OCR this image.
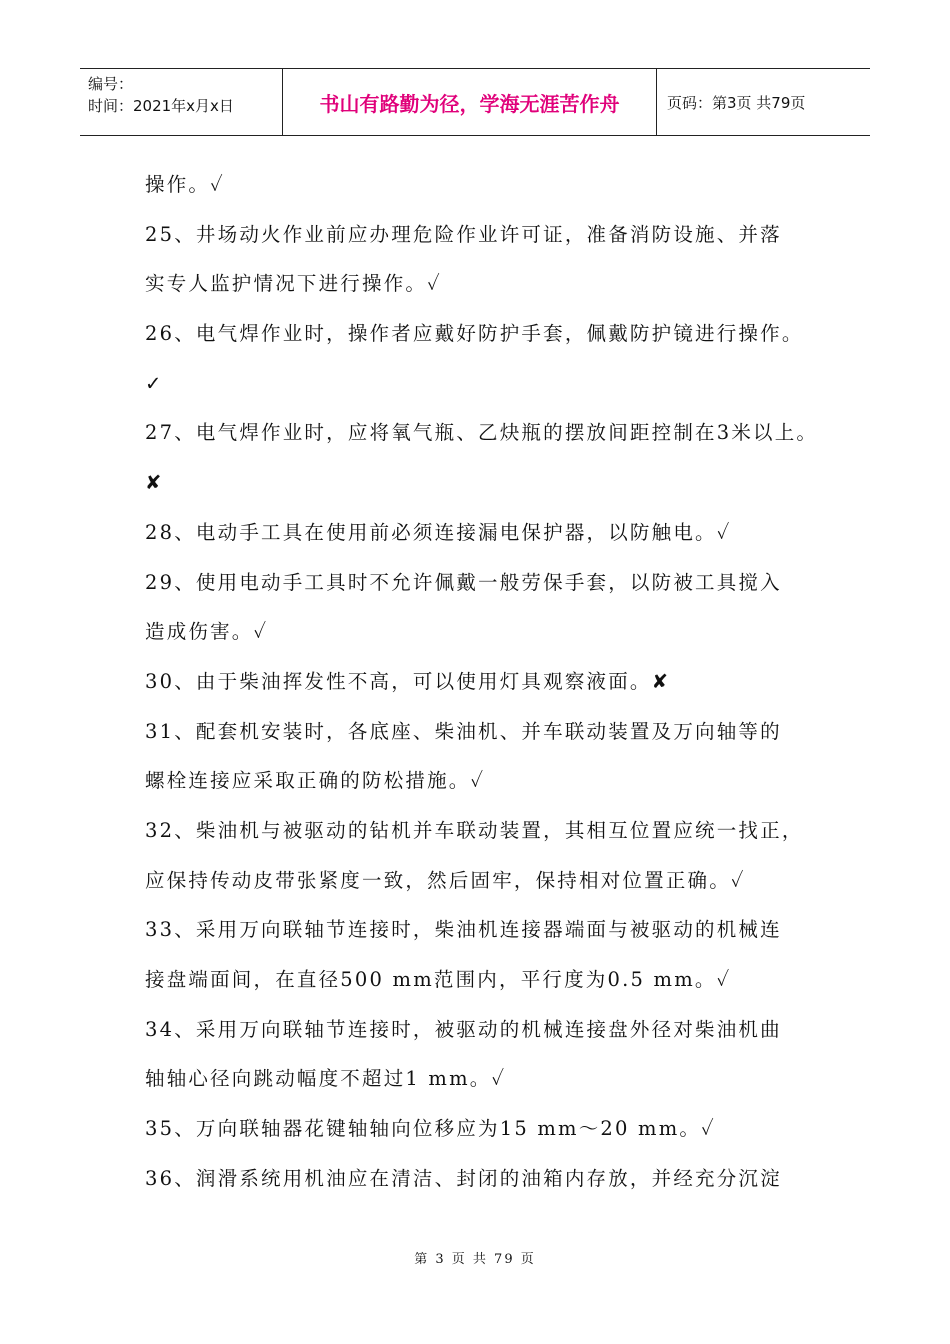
编号：
时间：2021年x月x日	书山有路勤为径，学海无涯苦作舟	页码：第3页 共79页
操作。✓
25、井场动火作业前应办理危险作业许可证，准备消防设施、并落
实专人监护情况下进行操作。✓
26、电气焊作业时，操作者应戴好防护手套，佩戴防护镜进行操作。
✓
27、电气焊作业时，应将氧气瓶、乙炔瓶的摆放间距控制在3米以上。
✘
28、电动手工具在使用前必须连接漏电保护器，以防触电。✓
29、使用电动手工具时不允许佩戴一般劳保手套，以防被工具搅入
造成伤害。✓
30、由于柴油挥发性不高，可以使用灯具观察液面。✘
31、配套机安装时，各底座、柴油机、并车联动装置及万向轴等的
螺栓连接应采取正确的防松措施。✓
32、柴油机与被驱动的钻机并车联动装置，其相互位置应统一找正，
应保持传动皮带张紧度一致，然后固牢，保持相对位置正确。✓
33、采用万向联轴节连接时，柴油机连接器端面与被驱动的机械连
接盘端面间，在直径500 mm范围内，平行度为0.5 mm。✓
34、采用万向联轴节连接时，被驱动的机械连接盘外径对柴油机曲
轴轴心径向跳动幅度不超过1 mm。✓
35、万向联轴器花键轴轴向位移应为15 mm～20 mm。✓
36、润滑系统用机油应在清洁、封闭的油箱内存放，并经充分沉淀
第 3 页 共 79 页
